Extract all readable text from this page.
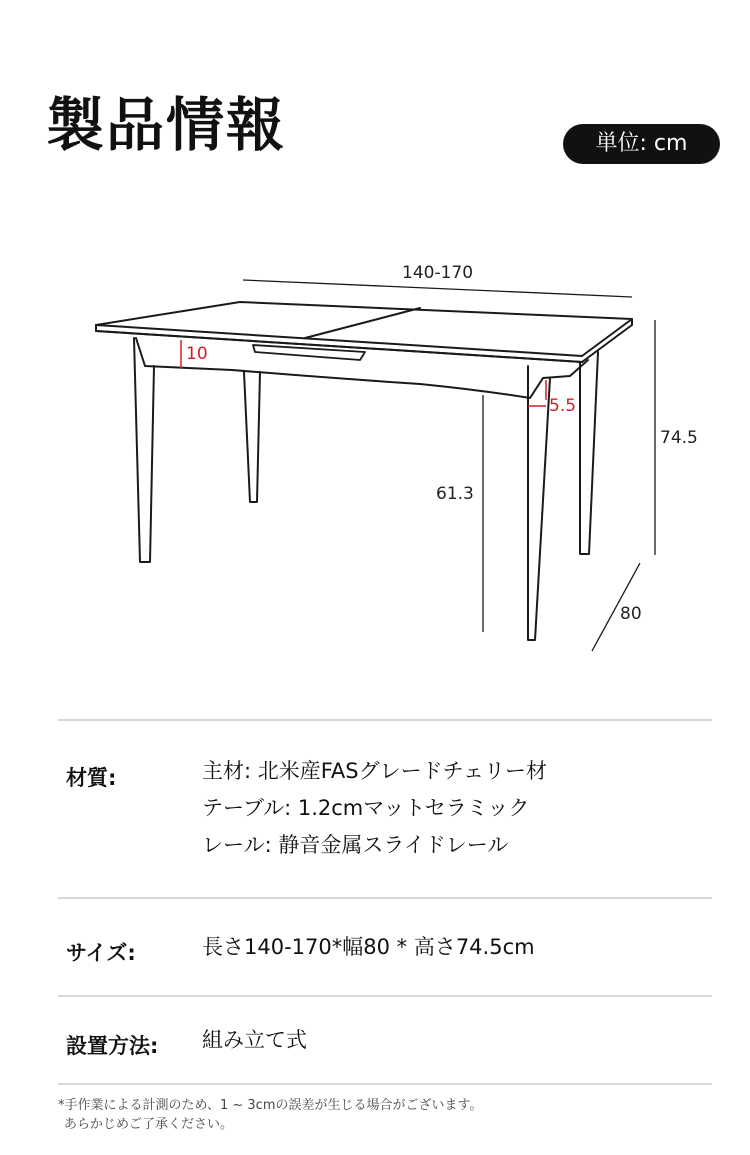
製品情報	単位: cm
140-170
74.5
61.3
80
10
5.5
材質:	主材: 北米産FASグレードチェリー材
テーブル: 1.2cmマットセラミック
レール: 静音金属スライドレール
サイズ:	長さ140-170*幅80 * 高さ74.5cm
設置方法: 組み立て式
*手作業による計測のため、1 ~ 3cmの誤差が生じる場合がございます。
あらかじめご了承ください。
